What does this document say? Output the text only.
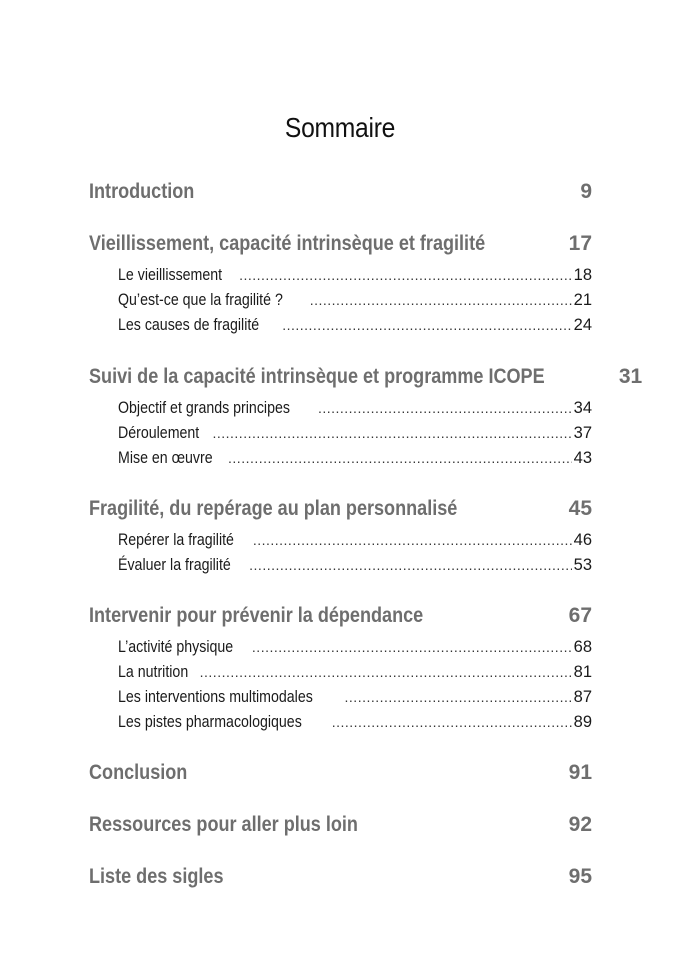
Sommaire
Introduction	9
Vieillissement, capacité intrinsèque et fragilité	17
Le vieillissement .....	18
Qu’est-ce que la fragilité ? .....	21
Les causes de fragilité .....	24
Suivi de la capacité intrinsèque et programme ICOPE	31
Objectif et grands principes .....	34
Déroulement .....	37
Mise en œuvre .....	43
Fragilité, du repérage au plan personnalisé	45
Repérer la fragilité .....	46
Évaluer la fragilité .....	53
Intervenir pour prévenir la dépendance	67
L’activité physique .....	68
La nutrition .....	81
Les interventions multimodales .....	87
Les pistes pharmacologiques .....	89
Conclusion	91
Ressources pour aller plus loin	92
Liste des sigles	95
